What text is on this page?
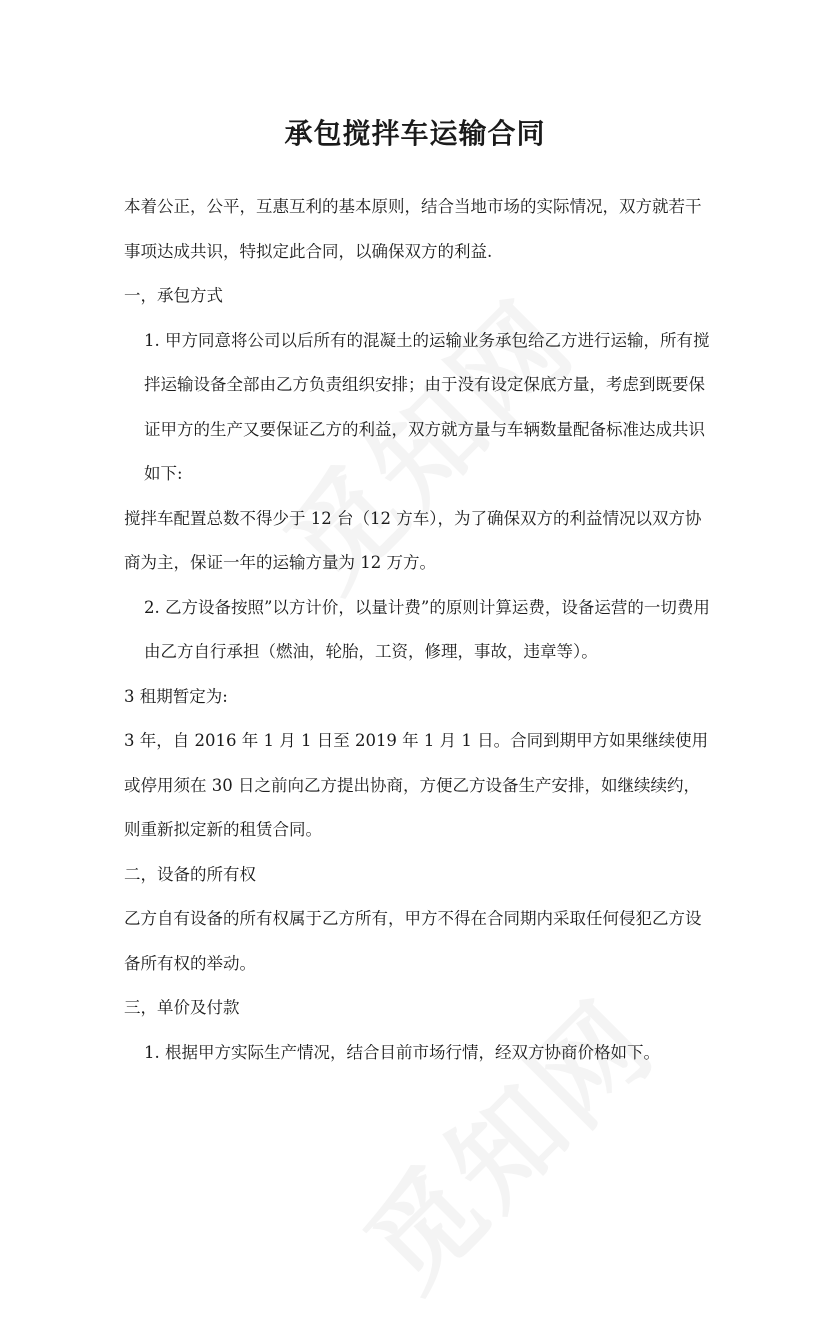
承包搅拌车运输合同

本着公正，公平，互惠互利的基本原则，结合当地市场的实际情况，双方就若干事项达成共识，特拟定此合同，以确保双方的利益.

一，承包方式

1. 甲方同意将公司以后所有的混凝土的运输业务承包给乙方进行运输，所有搅拌运输设备全部由乙方负责组织安排；由于没有设定保底方量，考虑到既要保证甲方的生产又要保证乙方的利益，双方就方量与车辆数量配备标准达成共识如下:

搅拌车配置总数不得少于 12 台（12 方车），为了确保双方的利益情况以双方协商为主，保证一年的运输方量为 12 万方。

2. 乙方设备按照”以方计价，以量计费”的原则计算运费，设备运营的一切费用由乙方自行承担（燃油，轮胎，工资，修理，事故，违章等）。

3 租期暂定为:

3 年，自 2016 年 1 月 1 日至 2019 年 1 月 1 日。合同到期甲方如果继续使用或停用须在 30 日之前向乙方提出协商，方便乙方设备生产安排，如继续续约，则重新拟定新的租赁合同。

二，设备的所有权

乙方自有设备的所有权属于乙方所有，甲方不得在合同期内采取任何侵犯乙方设备所有权的举动。

三，单价及付款

1. 根据甲方实际生产情况，结合目前市场行情，经双方协商价格如下。
